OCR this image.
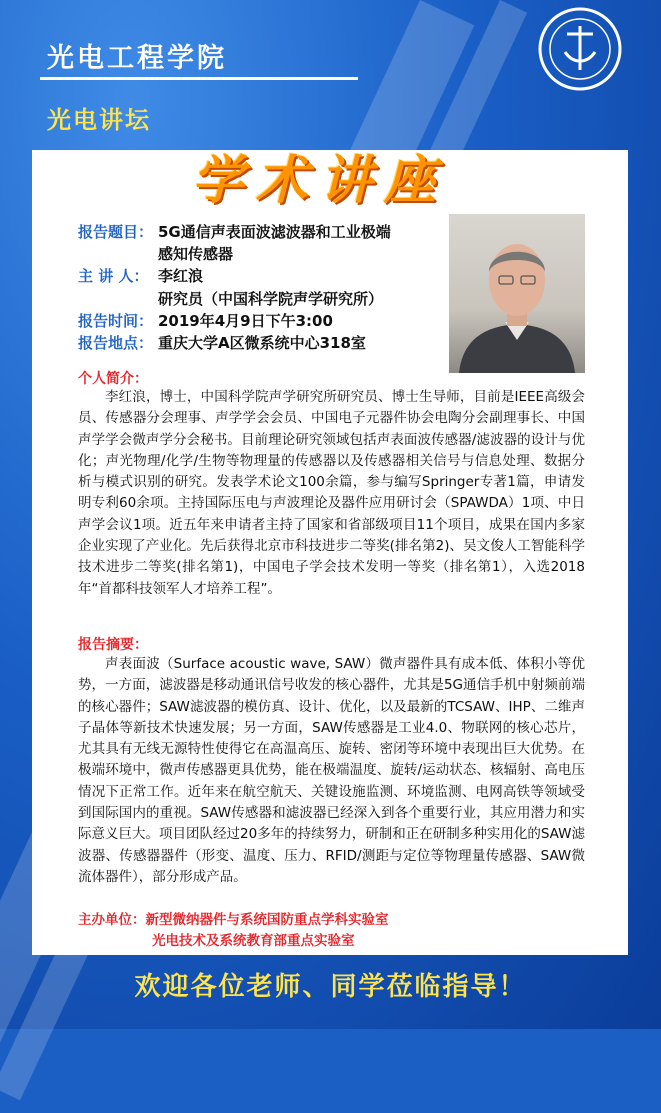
光电工程学院
光电讲坛
学术讲座
报告题目： 5G通信声表面波滤波器和工业极端
感知传感器
主 讲 人： 李红浪
研究员（中国科学院声学研究所）
报告时间： 2019年4月9日下午3:00
报告地点： 重庆大学A区微系统中心318室
个人简介：
李红浪，博士，中国科学院声学研究所研究员、博士生导师，目前是IEEE高级会员、传感器分会理事、声学学会会员、中国电子元器件协会电陶分会副理事长、中国声学学会微声学分会秘书。目前理论研究领域包括声表面波传感器/滤波器的设计与优化；声光物理/化学/生物等物理量的传感器以及传感器相关信号与信息处理、数据分析与模式识别的研究。发表学术论文100余篇，参与编写Springer专著1篇，申请发明专利60余项。主持国际压电与声波理论及器件应用研讨会（SPAWDA）1项、中日声学会议1项。近五年来申请者主持了国家和省部级项目11个项目，成果在国内多家企业实现了产业化。先后获得北京市科技进步二等奖(排名第2)、吴文俊人工智能科学技术进步二等奖(排名第1)，中国电子学会技术发明一等奖（排名第1），入选2018年“首都科技领军人才培养工程”。
报告摘要：
声表面波（Surface acoustic wave, SAW）微声器件具有成本低、体积小等优势，一方面，滤波器是移动通讯信号收发的核心器件，尤其是5G通信手机中射频前端的核心器件；SAW滤波器的模仿真、设计、优化，以及最新的TCSAW、IHP、二维声子晶体等新技术快速发展；另一方面，SAW传感器是工业4.0、物联网的核心芯片，尤其具有无线无源特性使得它在高温高压、旋转、密闭等环境中表现出巨大优势。在极端环境中，微声传感器更具优势，能在极端温度、旋转/运动状态、核辐射、高电压情况下正常工作。近年来在航空航天、关键设施监测、环境监测、电网高铁等领域受到国际国内的重视。SAW传感器和滤波器已经深入到各个重要行业，其应用潜力和实际意义巨大。项目团队经过20多年的持续努力，研制和正在研制多种实用化的SAW滤波器、传感器器件（形变、温度、压力、RFID/测距与定位等物理量传感器、SAW微流体器件），部分形成产品。
主办单位：新型微纳器件与系统国防重点学科实验室
光电技术及系统教育部重点实验室
欢迎各位老师、同学莅临指导！
